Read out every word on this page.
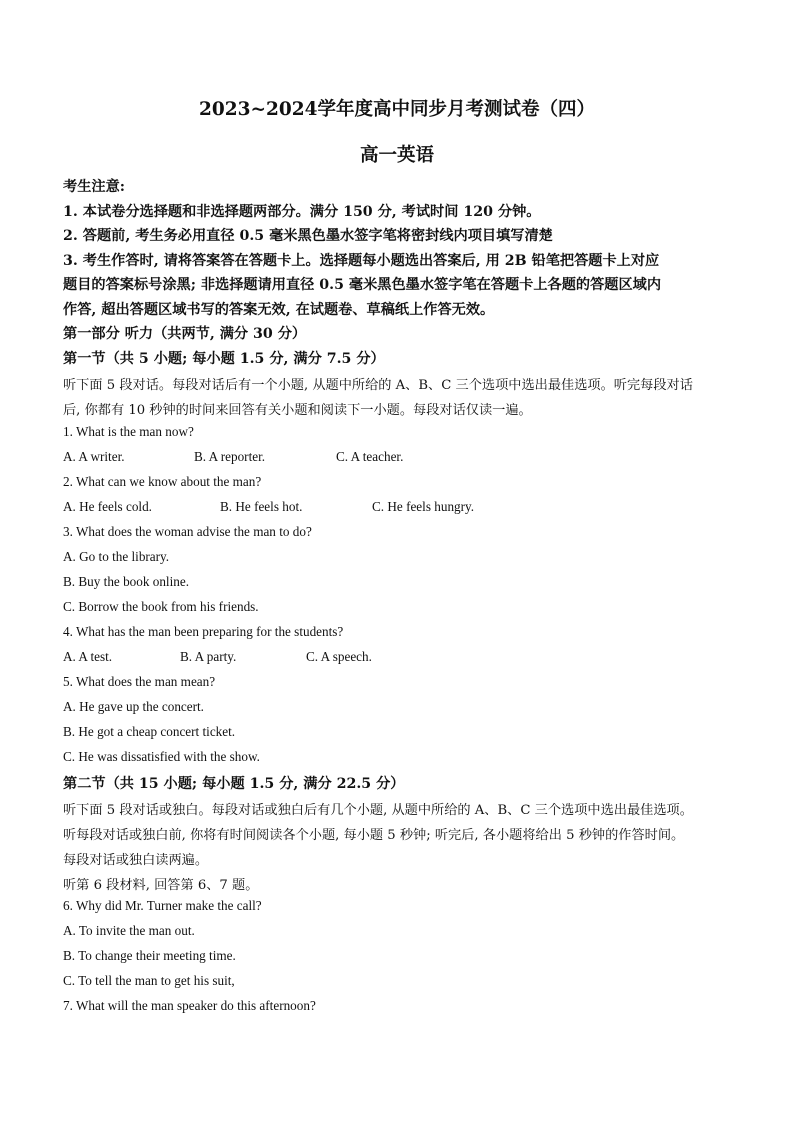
2023~2024学年度高中同步月考测试卷（四）
高一英语
考生注意:
1. 本试卷分选择题和非选择题两部分。满分 150 分, 考试时间 120 分钟。
2. 答题前, 考生务必用直径 0.5 毫米黑色墨水签字笔将密封线内项目填写清楚
3. 考生作答时, 请将答案答在答题卡上。选择题每小题选出答案后, 用 2B 铅笔把答题卡上对应
题目的答案标号涂黑; 非选择题请用直径 0.5 毫米黑色墨水签字笔在答题卡上各题的答题区域内
作答, 超出答题区域书写的答案无效, 在试题卷、草稿纸上作答无效。
第一部分 听力（共两节, 满分 30 分）
第一节（共 5 小题; 每小题 1.5 分, 满分 7.5 分）
听下面 5 段对话。每段对话后有一个小题, 从题中所给的 A、B、C 三个选项中选出最佳选项。听完每段对话
后, 你都有 10 秒钟的时间来回答有关小题和阅读下一小题。每段对话仅读一遍。
1. What is the man now?
A. A writer.	B. A reporter.	C. A teacher.
2. What can we know about the man?
A. He feels cold.	B. He feels hot.	C. He feels hungry.
3. What does the woman advise the man to do?
A. Go to the library.
B. Buy the book online.
C. Borrow the book from his friends.
4. What has the man been preparing for the students?
A. A test.	B. A party.	C. A speech.
5. What does the man mean?
A. He gave up the concert.
B. He got a cheap concert ticket.
C. He was dissatisfied with the show.
第二节（共 15 小题; 每小题 1.5 分, 满分 22.5 分）
听下面 5 段对话或独白。每段对话或独白后有几个小题, 从题中所给的 A、B、C 三个选项中选出最佳选项。
听每段对话或独白前, 你将有时间阅读各个小题, 每小题 5 秒钟; 听完后, 各小题将给出 5 秒钟的作答时间。
每段对话或独白读两遍。
听第 6 段材料, 回答第 6、7 题。
6. Why did Mr. Turner make the call?
A. To invite the man out.
B. To change their meeting time.
C. To tell the man to get his suit,
7. What will the man speaker do this afternoon?
